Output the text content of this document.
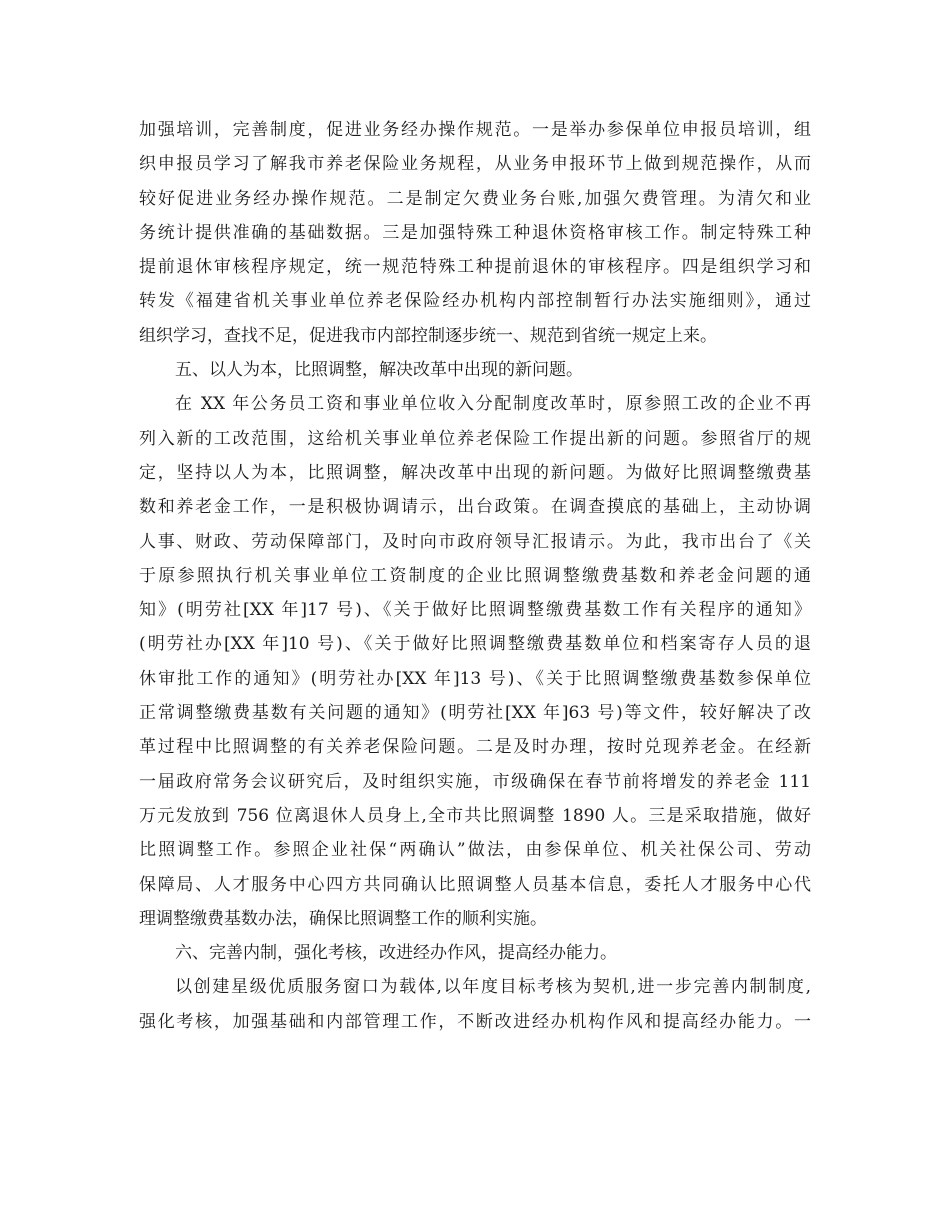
加强培训，完善制度，促进业务经办操作规范。一是举办参保单位申报员培训，组
织申报员学习了解我市养老保险业务规程，从业务申报环节上做到规范操作，从而
较好促进业务经办操作规范。二是制定欠费业务台账,加强欠费管理。为清欠和业
务统计提供准确的基础数据。三是加强特殊工种退休资格审核工作。制定特殊工种
提前退休审核程序规定，统一规范特殊工种提前退休的审核程序。四是组织学习和
转发《福建省机关事业单位养老保险经办机构内部控制暂行办法实施细则》，通过
组织学习，查找不足，促进我市内部控制逐步统一、规范到省统一规定上来。
五、以人为本，比照调整，解决改革中出现的新问题。
在 XX 年公务员工资和事业单位收入分配制度改革时，原参照工改的企业不再
列入新的工改范围，这给机关事业单位养老保险工作提出新的问题。参照省厅的规
定，坚持以人为本，比照调整，解决改革中出现的新问题。为做好比照调整缴费基
数和养老金工作，一是积极协调请示，出台政策。在调查摸底的基础上，主动协调
人事、财政、劳动保障部门，及时向市政府领导汇报请示。为此，我市出台了《关
于原参照执行机关事业单位工资制度的企业比照调整缴费基数和养老金问题的通
知》(明劳社[XX 年]17 号)、《关于做好比照调整缴费基数工作有关程序的通知》
(明劳社办[XX 年]10 号)、《关于做好比照调整缴费基数单位和档案寄存人员的退
休审批工作的通知》(明劳社办[XX 年]13 号)、《关于比照调整缴费基数参保单位
正常调整缴费基数有关问题的通知》(明劳社[XX 年]63 号)等文件，较好解决了改
革过程中比照调整的有关养老保险问题。二是及时办理，按时兑现养老金。在经新
一届政府常务会议研究后，及时组织实施，市级确保在春节前将增发的养老金 111
万元发放到 756 位离退休人员身上,全市共比照调整 1890 人。三是采取措施，做好
比照调整工作。参照企业社保“两确认”做法，由参保单位、机关社保公司、劳动
保障局、人才服务中心四方共同确认比照调整人员基本信息，委托人才服务中心代
理调整缴费基数办法，确保比照调整工作的顺利实施。
六、完善内制，强化考核，改进经办作风，提高经办能力。
以创建星级优质服务窗口为载体,以年度目标考核为契机,进一步完善内制制度,
强化考核，加强基础和内部管理工作，不断改进经办机构作风和提高经办能力。一
